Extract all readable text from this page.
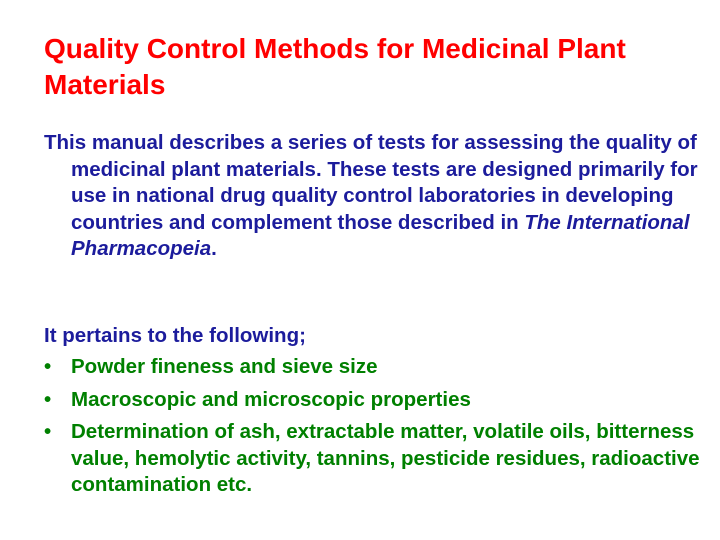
Quality Control Methods for Medicinal Plant Materials

This manual describes a series of tests for assessing the quality of medicinal plant materials. These tests are designed primarily for use in national drug quality control laboratories in developing countries and complement those described in The International Pharmacopeia.

It pertains to the following;

• Powder fineness and sieve size
• Macroscopic and microscopic properties
• Determination of ash, extractable matter, volatile oils, bitterness value, hemolytic activity, tannins, pesticide residues, radioactive contamination etc.
